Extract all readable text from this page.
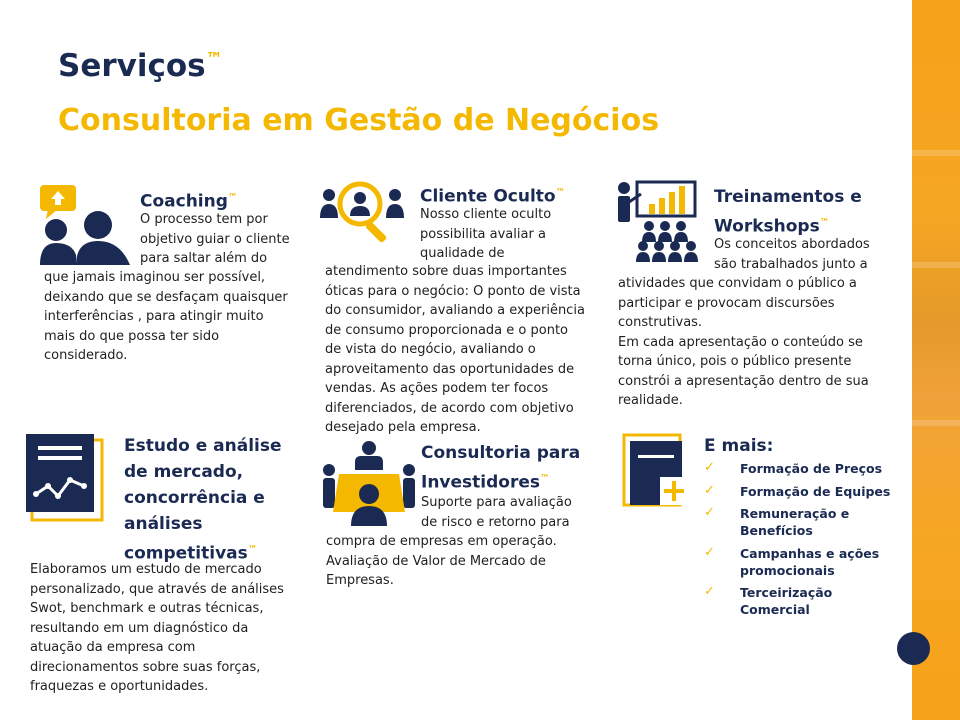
Serviços™
Consultoria em Gestão de Negócios
Coaching™
O processo tem por
objetivo guiar o cliente
para saltar além do
que jamais imaginou ser possível,
deixando que se desfaçam quaisquer
interferências , para atingir muito
mais do que possa ter sido
considerado.
Cliente Oculto™
Nosso cliente oculto
possibilita avaliar a
qualidade de
atendimento sobre duas importantes
óticas para o negócio: O ponto de vista
do consumidor, avaliando a experiência
de consumo proporcionada e o ponto
de vista do negócio, avaliando o
aproveitamento das oportunidades de
vendas. As ações podem ter focos
diferenciados, de acordo com objetivo
desejado pela empresa.
Treinamentos e
Workshops™
Os conceitos abordados
são trabalhados junto a
atividades que convidam o público a
participar e provocam discursões
construtivas.
Em cada apresentação o conteúdo se
torna único, pois o público presente
constrói a apresentação dentro de sua
realidade.
Estudo e análise
de mercado,
concorrência e
análises
competitivas™
Elaboramos um estudo de mercado
personalizado, que através de análises
Swot, benchmark e outras técnicas,
resultando em um diagnóstico da
atuação da empresa com
direcionamentos sobre suas forças,
fraquezas e oportunidades.
Consultoria para
Investidores™
Suporte para avaliação
de risco e retorno para
compra de empresas em operação.
Avaliação de Valor de Mercado de
Empresas.
E mais:
✓ Formação de Preços
✓ Formação de Equipes
✓ Remuneração e Benefícios
✓ Campanhas e ações promocionais
✓ Terceirização Comercial
